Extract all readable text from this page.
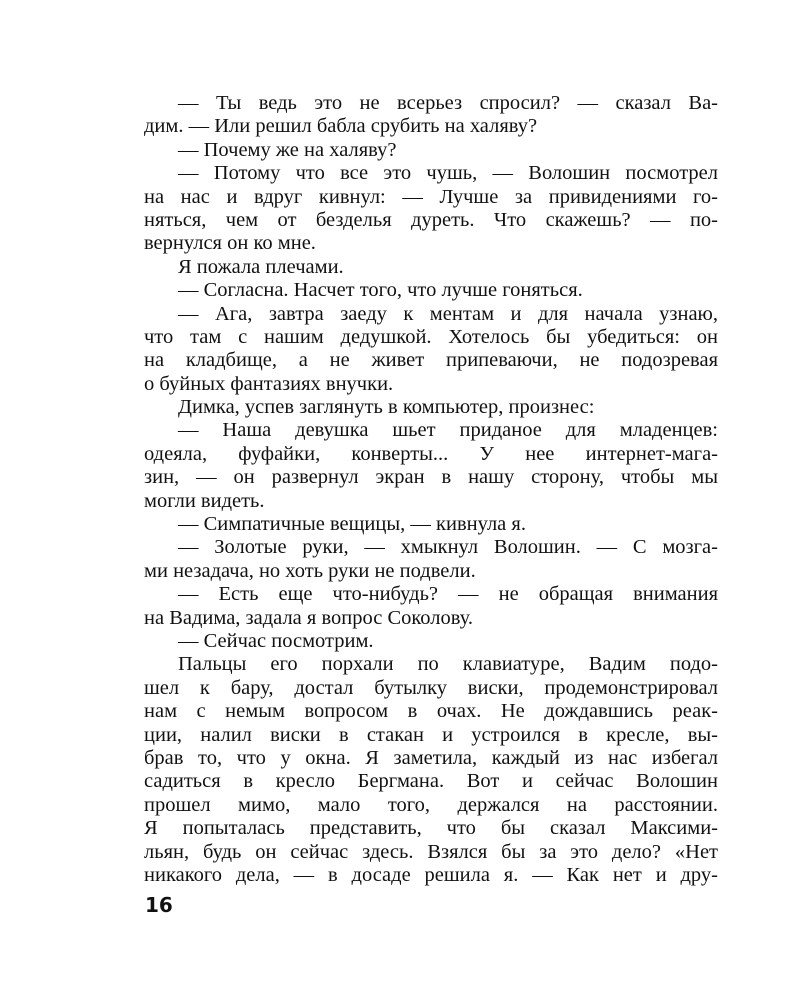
— Ты ведь это не всерьез спросил? — сказал Ва-
дим. — Или решил бабла срубить на халяву?
— Почему же на халяву?
— Потому что все это чушь, — Волошин посмотрел
на нас и вдруг кивнул: — Лучше за привидениями го-
няться, чем от безделья дуреть. Что скажешь? — по-
вернулся он ко мне.
Я пожала плечами.
— Согласна. Насчет того, что лучше гоняться.
— Ага, завтра заеду к ментам и для начала узнаю,
что там с нашим дедушкой. Хотелось бы убедиться: он
на кладбище, а не живет припеваючи, не подозревая
о буйных фантазиях внучки.
Димка, успев заглянуть в компьютер, произнес:
— Наша девушка шьет приданое для младенцев:
одеяла, фуфайки, конверты... У нее интернет-мага-
зин, — он развернул экран в нашу сторону, чтобы мы
могли видеть.
— Симпатичные вещицы, — кивнула я.
— Золотые руки, — хмыкнул Волошин. — С мозга-
ми незадача, но хоть руки не подвели.
— Есть еще что-нибудь? — не обращая внимания
на Вадима, задала я вопрос Соколову.
— Сейчас посмотрим.
Пальцы его порхали по клавиатуре, Вадим подо-
шел к бару, достал бутылку виски, продемонстрировал
нам с немым вопросом в очах. Не дождавшись реак-
ции, налил виски в стакан и устроился в кресле, вы-
брав то, что у окна. Я заметила, каждый из нас избегал
садиться в кресло Бергмана. Вот и сейчас Волошин
прошел мимо, мало того, держался на расстоянии.
Я попыталась представить, что бы сказал Максими-
льян, будь он сейчас здесь. Взялся бы за это дело? «Нет
никакого дела, — в досаде решила я. — Как нет и дру-
16
